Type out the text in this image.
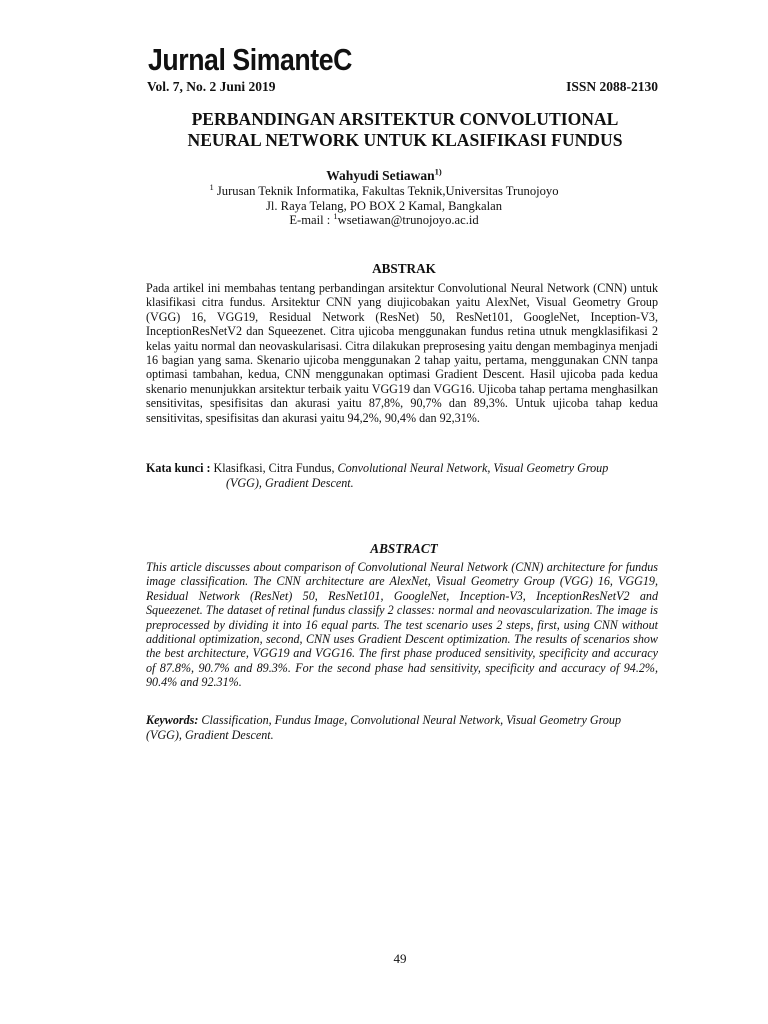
Jurnal SimanteC
Vol. 7, No. 2 Juni 2019	ISSN 2088-2130
PERBANDINGAN ARSITEKTUR CONVOLUTIONAL
NEURAL NETWORK UNTUK KLASIFIKASI FUNDUS
Wahyudi Setiawan$^{1)}$
$^1$ Jurusan Teknik Informatika, Fakultas Teknik,Universitas Trunojoyo
Jl. Raya Telang, PO BOX 2 Kamal, Bangkalan
E-mail : $^1$wsetiawan@trunojoyo.ac.id
ABSTRAK
Pada artikel ini membahas tentang perbandingan arsitektur Convolutional Neural Network (CNN) untuk klasifikasi citra fundus. Arsitektur CNN yang diujicobakan yaitu AlexNet, Visual Geometry Group (VGG) 16, VGG19, Residual Network (ResNet) 50, ResNet101, GoogleNet, Inception-V3, InceptionResNetV2 dan Squeezenet. Citra ujicoba menggunakan fundus retina utnuk mengklasifikasi 2 kelas yaitu normal dan neovaskularisasi. Citra dilakukan preprosesing yaitu dengan membaginya menjadi 16 bagian yang sama. Skenario ujicoba menggunakan 2 tahap yaitu, pertama, menggunakan CNN tanpa optimasi tambahan, kedua, CNN menggunakan optimasi Gradient Descent. Hasil ujicoba pada kedua skenario menunjukkan arsitektur terbaik yaitu VGG19 dan VGG16. Ujicoba tahap pertama menghasilkan sensitivitas, spesifisitas dan akurasi yaitu 87,8%, 90,7% dan 89,3%. Untuk ujicoba tahap kedua sensitivitas, spesifisitas dan akurasi yaitu 94,2%, 90,4% dan 92,31%.
Kata kunci : Klasifkasi, Citra Fundus, Convolutional Neural Network, Visual Geometry Group
(VGG), Gradient Descent.
ABSTRACT
This article discusses about comparison of Convolutional Neural Network (CNN) architecture for fundus image classification. The CNN architecture are AlexNet, Visual Geometry Group (VGG) 16, VGG19, Residual Network (ResNet) 50, ResNet101, GoogleNet, Inception-V3, InceptionResNetV2 and Squeezenet. The dataset of retinal fundus classify 2 classes: normal and neovascularization. The image is preprocessed by dividing it into 16 equal parts. The test scenario uses 2 steps, first, using CNN without additional optimization, second, CNN uses Gradient Descent optimization. The results of scenarios show the best architecture, VGG19 and VGG16. The first phase produced sensitivity, specificity and accuracy of 87.8%, 90.7% and 89.3%. For the second phase had sensitivity, specificity and accuracy of 94.2%, 90.4% and 92.31%.
Keywords: Classification, Fundus Image, Convolutional Neural Network, Visual Geometry Group (VGG), Gradient Descent.
49
